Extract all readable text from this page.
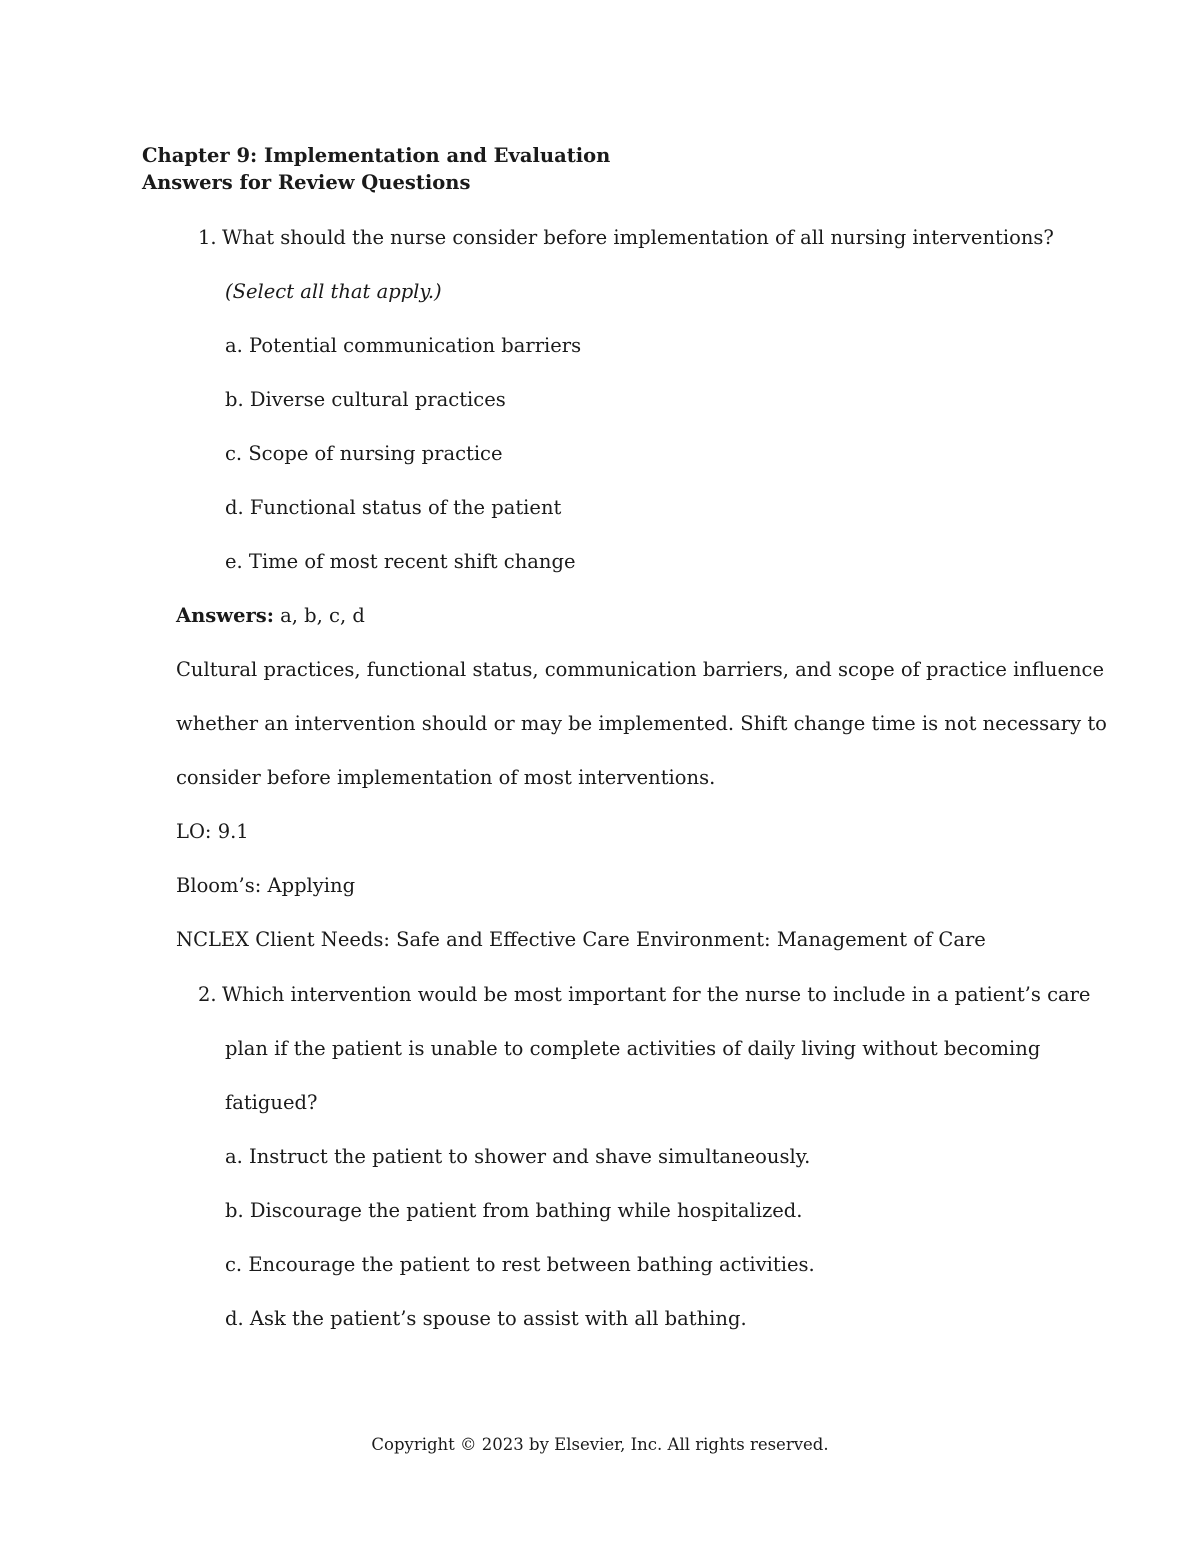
Chapter 9: Implementation and Evaluation
Answers for Review Questions
1. What should the nurse consider before implementation of all nursing interventions?
(Select all that apply.)
a. Potential communication barriers
b. Diverse cultural practices
c. Scope of nursing practice
d. Functional status of the patient
e. Time of most recent shift change
Answers: a, b, c, d
Cultural practices, functional status, communication barriers, and scope of practice influence
whether an intervention should or may be implemented. Shift change time is not necessary to
consider before implementation of most interventions.
LO: 9.1
Bloom’s: Applying
NCLEX Client Needs: Safe and Effective Care Environment: Management of Care
2. Which intervention would be most important for the nurse to include in a patient’s care
plan if the patient is unable to complete activities of daily living without becoming
fatigued?
a. Instruct the patient to shower and shave simultaneously.
b. Discourage the patient from bathing while hospitalized.
c. Encourage the patient to rest between bathing activities.
d. Ask the patient’s spouse to assist with all bathing.
Copyright © 2023 by Elsevier, Inc. All rights reserved.
